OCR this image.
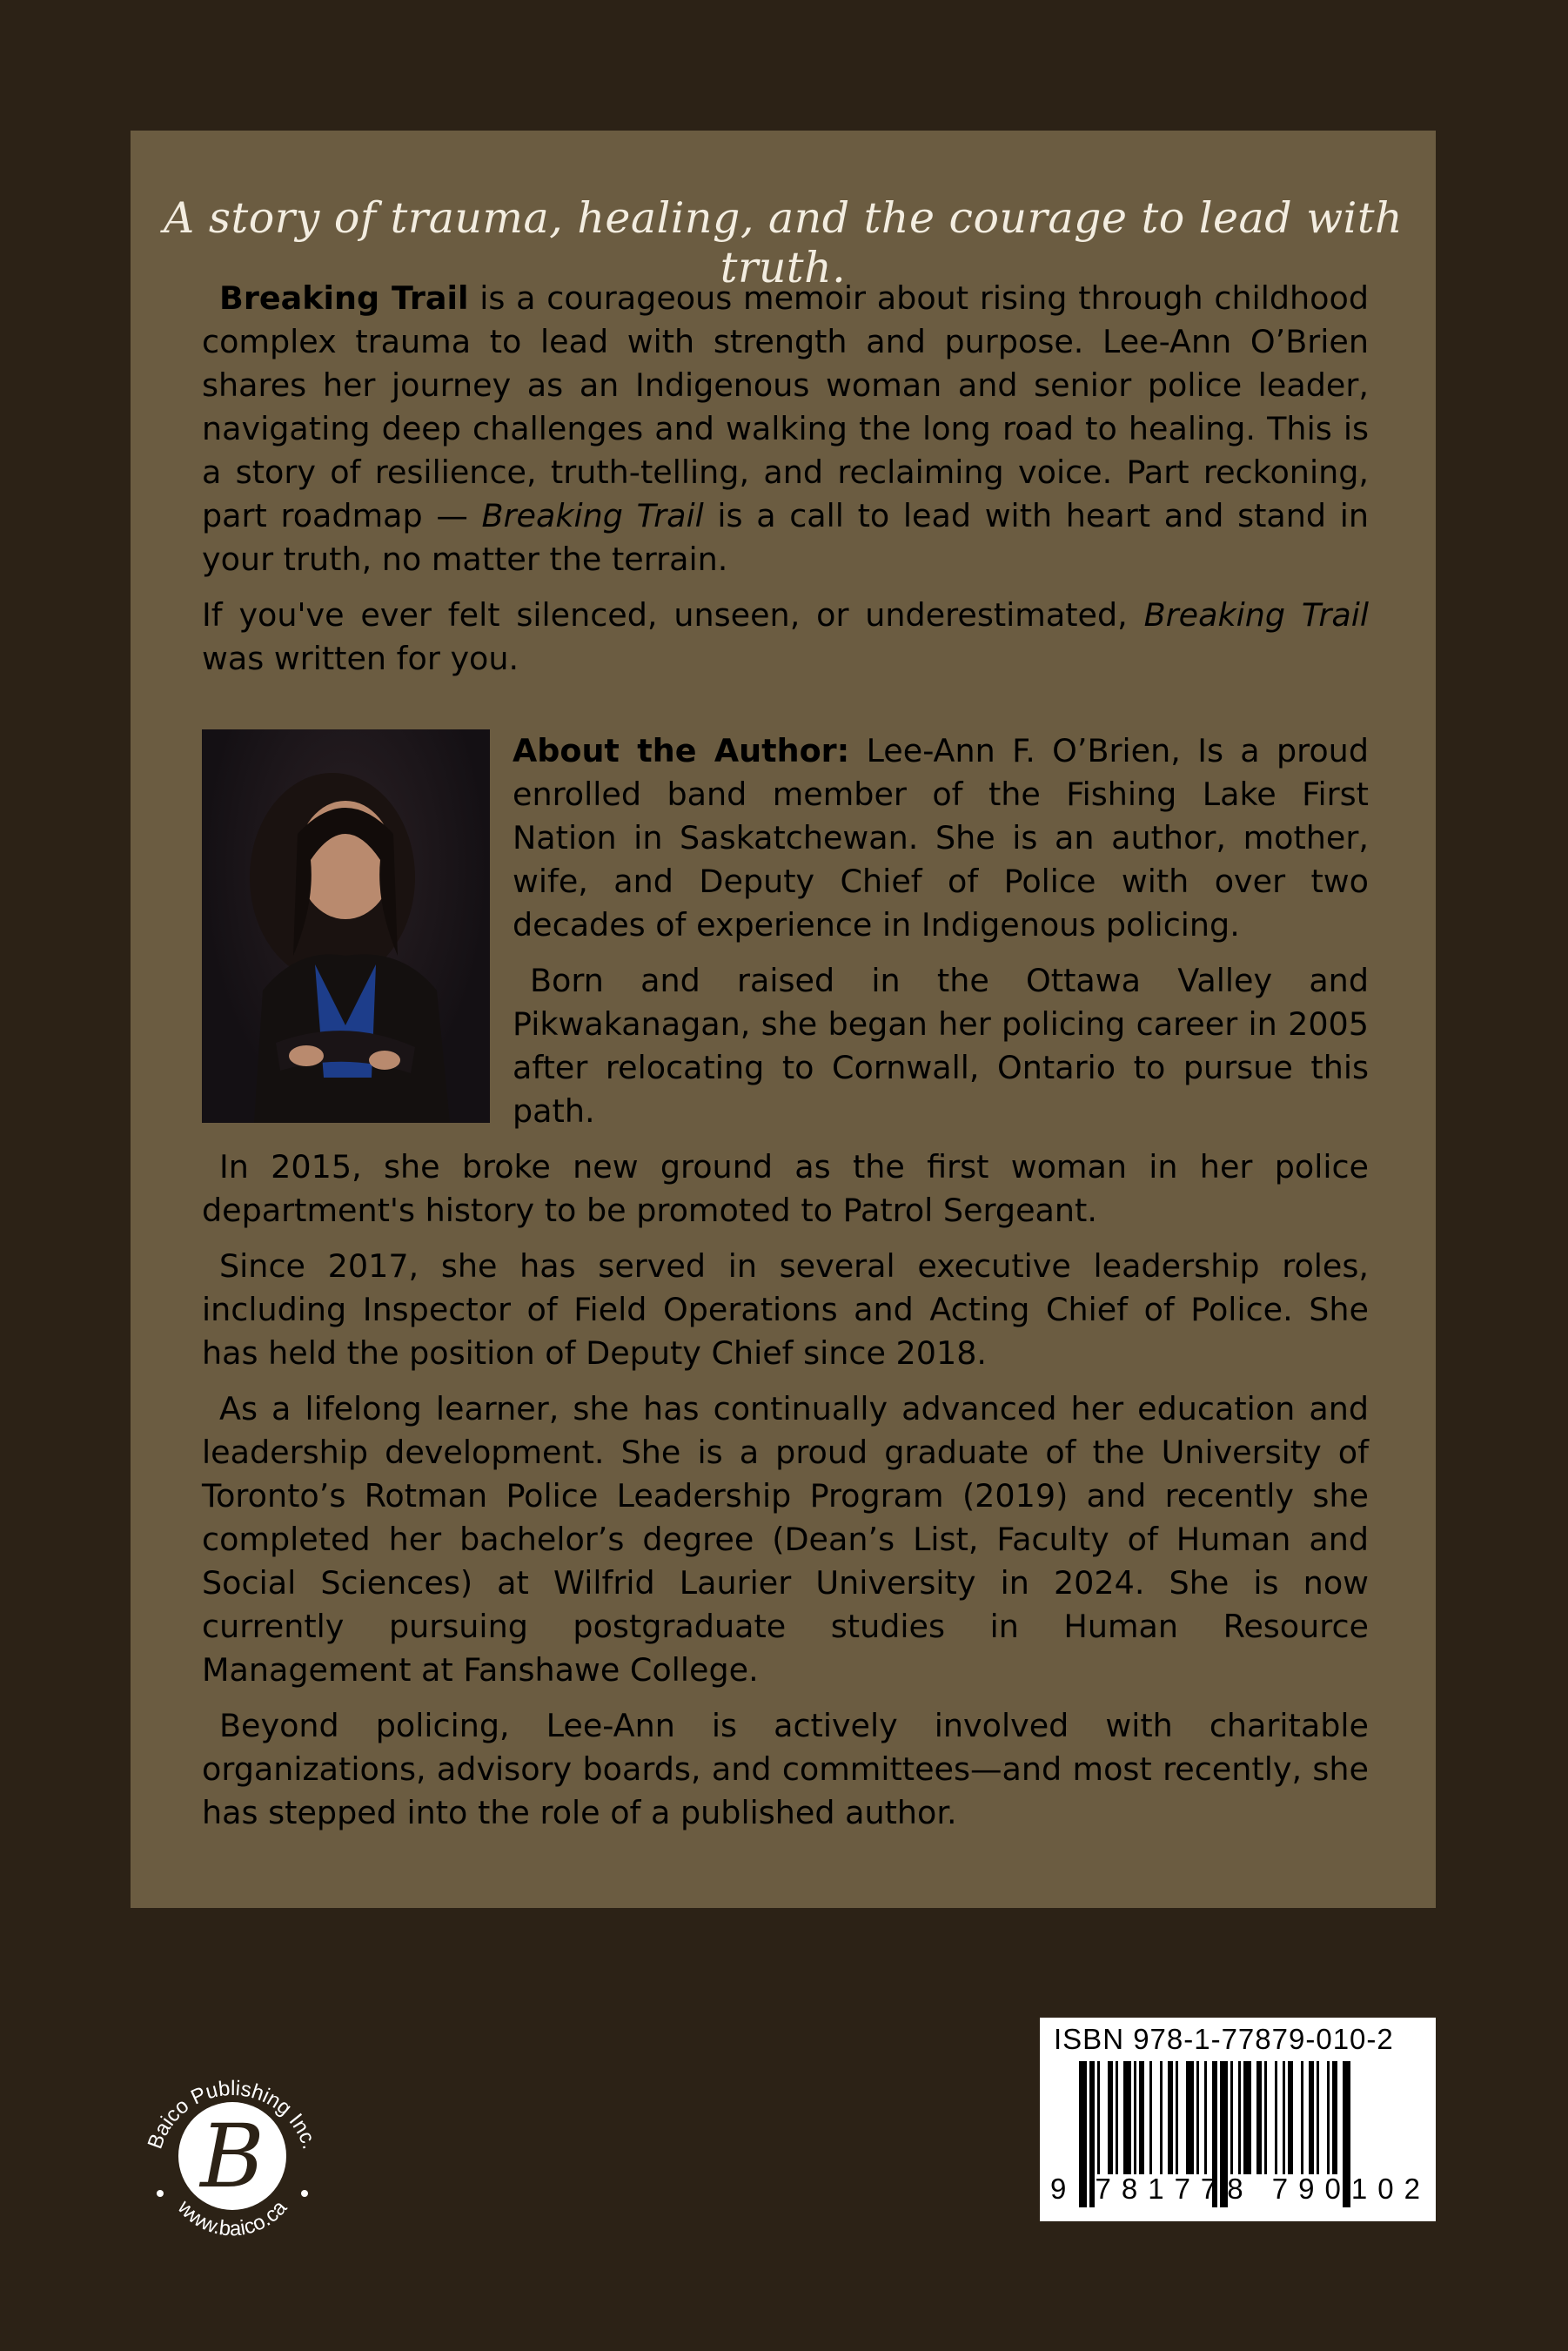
A story of trauma, healing, and the courage to lead with truth.

Breaking Trail is a courageous memoir about rising through childhood complex trauma to lead with strength and purpose. Lee-Ann O’Brien shares her journey as an Indigenous woman and senior police leader, navigating deep challenges and walking the long road to healing. This is a story of resilience, truth-telling, and reclaiming voice. Part reckoning, part roadmap — Breaking Trail is a call to lead with heart and stand in your truth, no matter the terrain.

If you've ever felt silenced, unseen, or underestimated, Breaking Trail was written for you.

About the Author: Lee-Ann F. O’Brien, Is a proud enrolled band member of the Fishing Lake First Nation in Saskatchewan. She is an author, mother, wife, and Deputy Chief of Police with over two decades of experience in Indigenous policing.

Born and raised in the Ottawa Valley and Pikwakanagan, she began her policing career in 2005 after relocating to Cornwall, Ontario to pursue this path.

In 2015, she broke new ground as the first woman in her police department's history to be promoted to Patrol Sergeant.

Since 2017, she has served in several executive leadership roles, including Inspector of Field Operations and Acting Chief of Police. She has held the position of Deputy Chief since 2018.

As a lifelong learner, she has continually advanced her education and leadership development. She is a proud graduate of the University of Toronto’s Rotman Police Leadership Program (2019) and recently she completed her bachelor’s degree (Dean’s List, Faculty of Human and Social Sciences) at Wilfrid Laurier University in 2024. She is now currently pursuing postgraduate studies in Human Resource Management at Fanshawe College.

Beyond policing, Lee-Ann is actively involved with charitable organizations, advisory boards, and committees—and most recently, she has stepped into the role of a published author.

B
Baico Publishing Inc.
www.baico.ca
ISBN 978-1-77879-010-2
9 781778 790102
